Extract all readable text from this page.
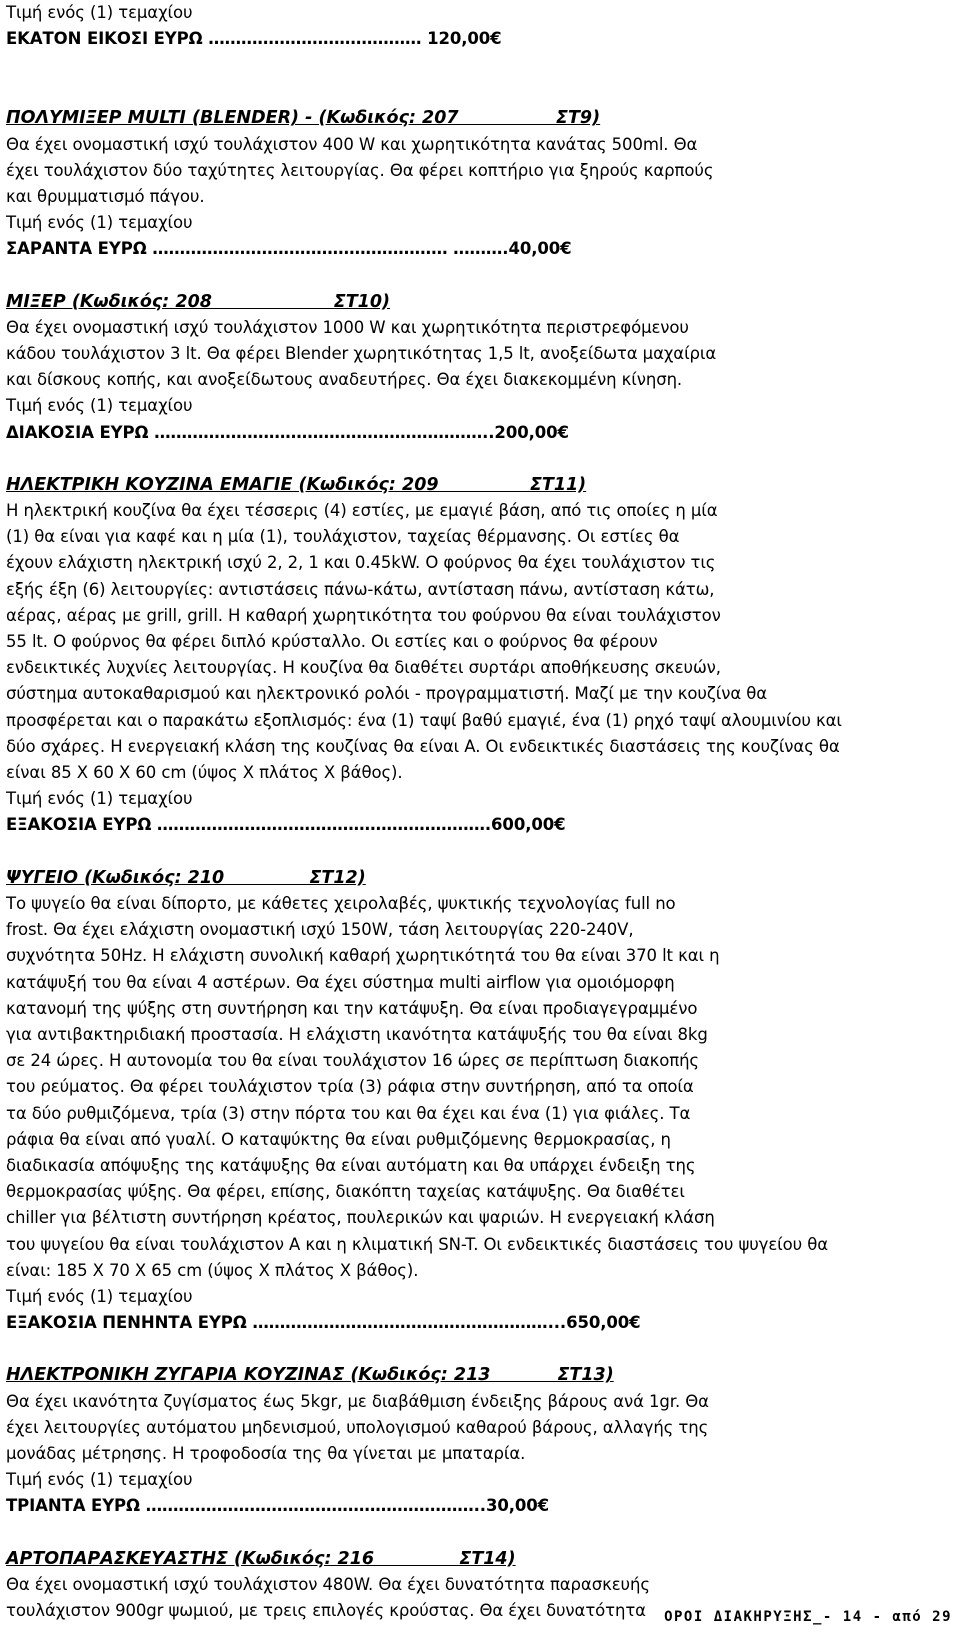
Τιμή ενός (1) τεμαχίου
ΕΚΑΤΟΝ ΕΙΚΟΣΙ ΕΥΡΩ ………………………………… 120,00€
ΠΟΛΥΜΙΞΕΡ MULTI (BLENDER) - (Κωδικός: 207                ΣΤ9)
Θα έχει ονομαστική ισχύ τουλάχιστον 400 W και χωρητικότητα κανάτας 500ml. Θα
έχει τουλάχιστον δύο ταχύτητες λειτουργίας. Θα φέρει κοπτήριο για ξηρούς καρπούς
και θρυμματισμό πάγου.
Τιμή ενός (1) τεμαχίου
ΣΑΡΑΝΤΑ ΕΥΡΩ ……………………………………………… ……….40,00€
ΜΙΞΕΡ (Κωδικός: 208                    ΣΤ10)
Θα έχει ονομαστική ισχύ τουλάχιστον 1000 W και χωρητικότητα περιστρεφόμενου
κάδου τουλάχιστον 3 lt. Θα φέρει Blender χωρητικότητας 1,5 lt, ανοξείδωτα μαχαίρια
και δίσκους κοπής, και ανοξείδωτους αναδευτήρες. Θα έχει διακεκομμένη κίνηση.
Τιμή ενός (1) τεμαχίου
ΔΙΑΚΟΣΙΑ ΕΥΡΩ ……………………………………………………..200,00€
ΗΛΕΚΤΡΙΚΗ ΚΟΥΖΙΝΑ ΕΜΑΓΙΕ (Κωδικός: 209               ΣΤ11)
Η ηλεκτρική κουζίνα θα έχει τέσσερις (4) εστίες, με εμαγιέ βάση, από τις οποίες η μία
(1) θα είναι για καφέ και η μία (1), τουλάχιστον, ταχείας θέρμανσης. Οι εστίες θα
έχουν ελάχιστη ηλεκτρική ισχύ 2, 2, 1 και 0.45kW. Ο φούρνος θα έχει τουλάχιστον τις
εξής έξη (6) λειτουργίες: αντιστάσεις πάνω-κάτω, αντίσταση πάνω, αντίσταση κάτω,
αέρας, αέρας με grill, grill. Η καθαρή χωρητικότητα του φούρνου θα είναι τουλάχιστον
55 lt. Ο φούρνος θα φέρει διπλό κρύσταλλο. Οι εστίες και ο φούρνος θα φέρουν
ενδεικτικές λυχνίες λειτουργίας. Η κουζίνα θα διαθέτει συρτάρι αποθήκευσης σκευών,
σύστημα αυτοκαθαρισμού και ηλεκτρονικό ρολόι - προγραμματιστή. Μαζί με την κουζίνα θα
προσφέρεται και ο παρακάτω εξοπλισμός: ένα (1) ταψί βαθύ εμαγιέ, ένα (1) ρηχό ταψί αλουμινίου και
δύο σχάρες. Η ενεργειακή κλάση της κουζίνας θα είναι A. Οι ενδεικτικές διαστάσεις της κουζίνας θα
είναι 85 X 60 X 60 cm (ύψος X πλάτος X βάθος).
Τιμή ενός (1) τεμαχίου
ΕΞΑΚΟΣΙΑ ΕΥΡΩ …………………………………………………….600,00€
ΨΥΓΕΙΟ (Κωδικός: 210              ΣΤ12)
Το ψυγείο θα είναι δίπορτο, με κάθετες χειρολαβές, ψυκτικής τεχνολογίας full no
frost. Θα έχει ελάχιστη ονομαστική ισχύ 150W, τάση λειτουργίας 220-240V,
συχνότητα 50Hz. Η ελάχιστη συνολική καθαρή χωρητικότητά του θα είναι 370 lt και η
κατάψυξή του θα είναι 4 αστέρων. Θα έχει σύστημα multi airflow για ομοιόμορφη
κατανομή της ψύξης στη συντήρηση και την κατάψυξη. Θα είναι προδιαγεγραμμένο
για αντιβακτηριδιακή προστασία. Η ελάχιστη ικανότητα κατάψυξής του θα είναι 8kg
σε 24 ώρες. Η αυτονομία του θα είναι τουλάχιστον 16 ώρες σε περίπτωση διακοπής
του ρεύματος. Θα φέρει τουλάχιστον τρία (3) ράφια στην συντήρηση, από τα οποία
τα δύο ρυθμιζόμενα, τρία (3) στην πόρτα του και θα έχει και ένα (1) για φιάλες. Τα
ράφια θα είναι από γυαλί. Ο καταψύκτης θα είναι ρυθμιζόμενης θερμοκρασίας, η
διαδικασία απόψυξης της κατάψυξης θα είναι αυτόματη και θα υπάρχει ένδειξη της
θερμοκρασίας ψύξης. Θα φέρει, επίσης, διακόπτη ταχείας κατάψυξης. Θα διαθέτει
chiller για βέλτιστη συντήρηση κρέατος, πουλερικών και ψαριών. Η ενεργειακή κλάση
του ψυγείου θα είναι τουλάχιστον A και η κλιματική SN-T. Οι ενδεικτικές διαστάσεις του ψυγείου θα
είναι: 185 X 70 X 65 cm (ύψος X πλάτος X βάθος).
Τιμή ενός (1) τεμαχίου
ΕΞΑΚΟΣΙΑ ΠΕΝΗΝΤΑ ΕΥΡΩ ………………………………………………...650,00€
ΗΛΕΚΤΡΟΝΙΚΗ ΖΥΓΑΡΙΑ ΚΟΥΖΙΝΑΣ (Κωδικός: 213           ΣΤ13)
Θα έχει ικανότητα ζυγίσματος έως 5kgr, με διαβάθμιση ένδειξης βάρους ανά 1gr. Θα
έχει λειτουργίες αυτόματου μηδενισμού, υπολογισμού καθαρού βάρους, αλλαγής της
μονάδας μέτρησης. Η τροφοδοσία της θα γίνεται με μπαταρία.
Τιμή ενός (1) τεμαχίου
ΤΡΙΑΝΤΑ ΕΥΡΩ ……………………………………………………..30,00€
ΑΡΤΟΠΑΡΑΣΚΕΥΑΣΤΗΣ (Κωδικός: 216              ΣΤ14)
Θα έχει ονομαστική ισχύ τουλάχιστον 480W. Θα έχει δυνατότητα παρασκευής
τουλάχιστον 900gr ψωμιού, με τρεις επιλογές κρούστας. Θα έχει δυνατότητα	ΟΡΟΙ ΔΙΑΚΗΡΥΞΗΣ_- 14 - από 29
